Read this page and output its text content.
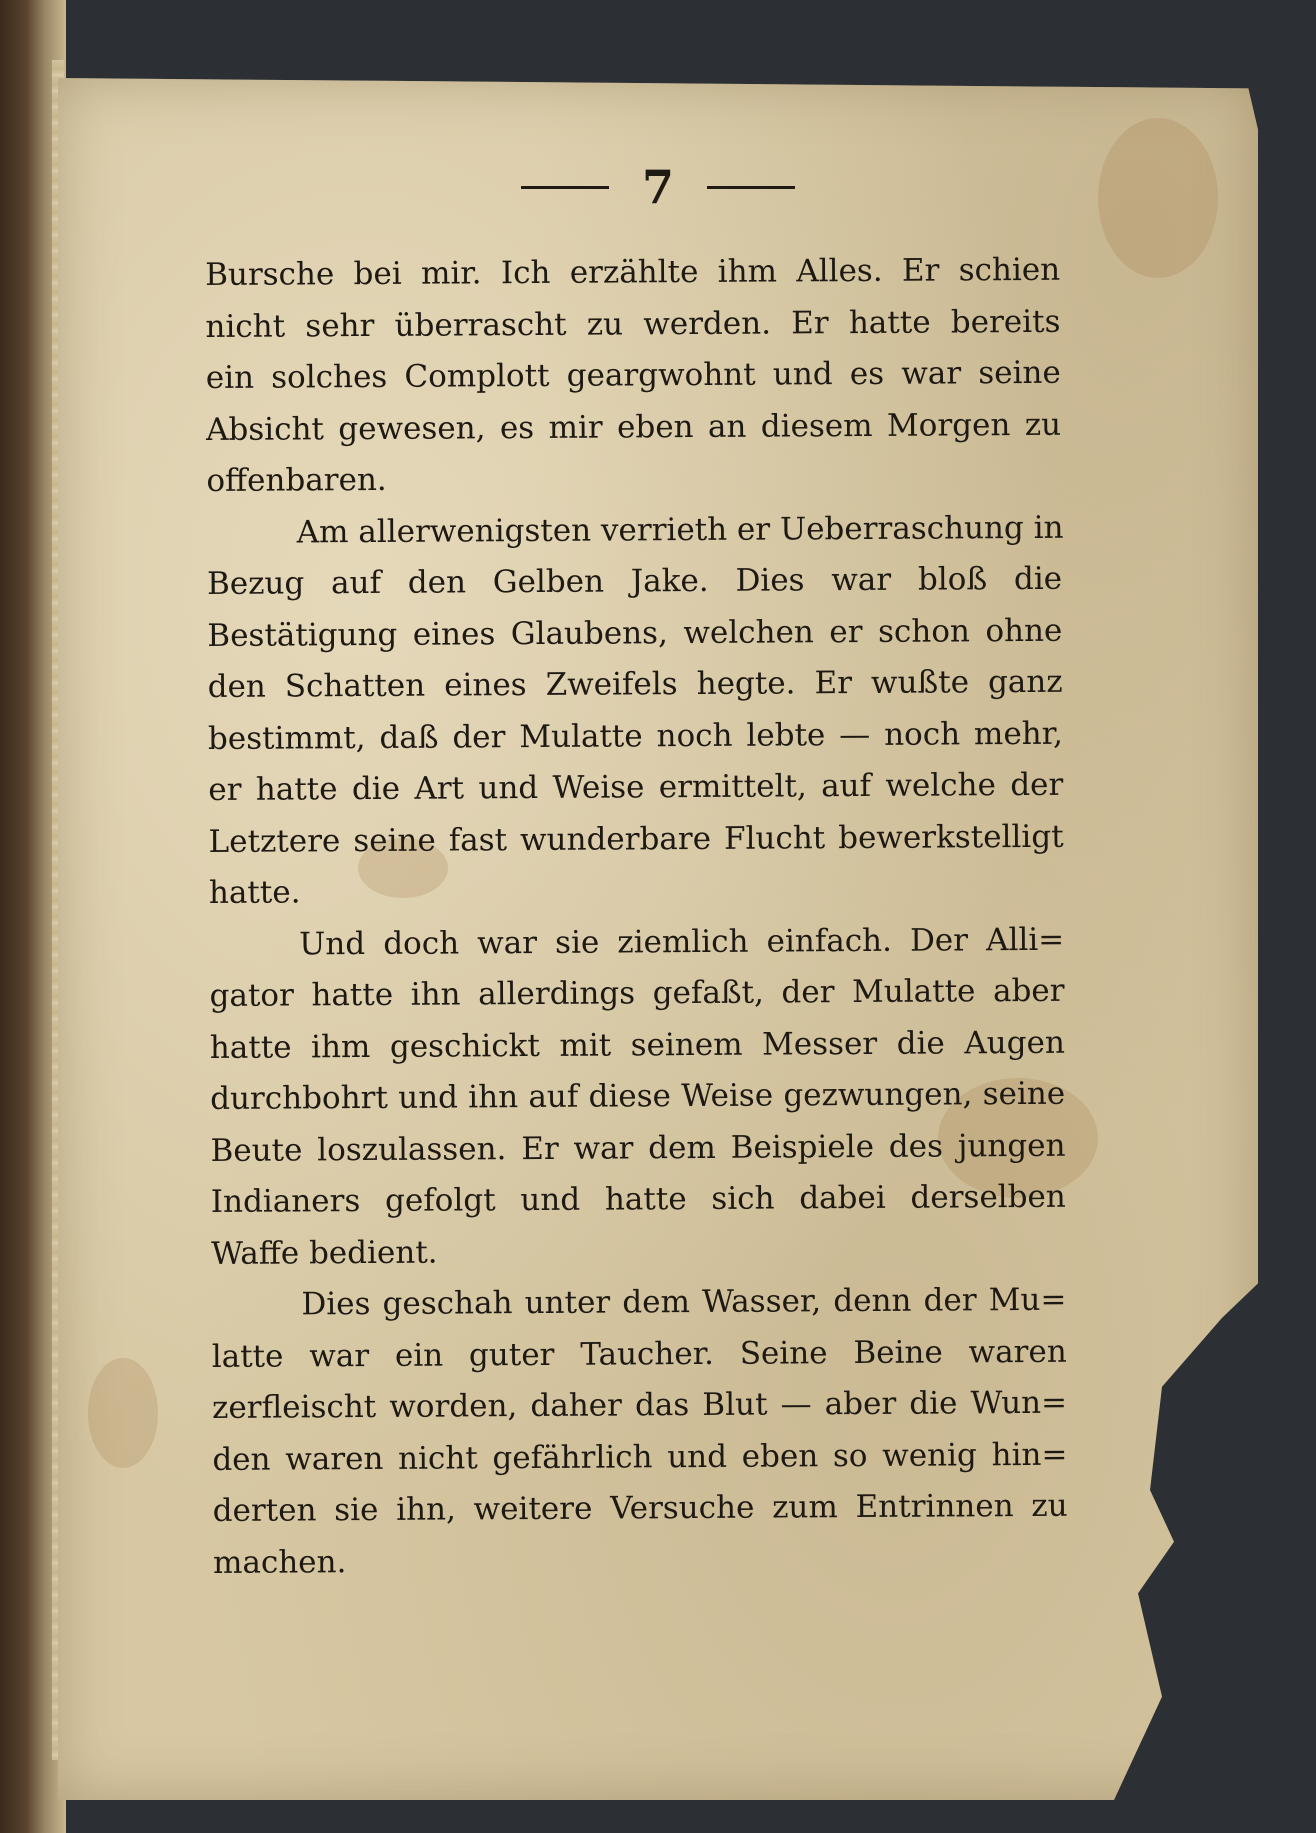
7
Bursche bei mir. Ich erzählte ihm Alles. Er schien
nicht sehr überrascht zu werden. Er hatte bereits
ein solches Complott geargwohnt und es war seine
Absicht gewesen, es mir eben an diesem Morgen zu
offenbaren.
Am allerwenigsten verrieth er Ueberraschung in
Bezug auf den Gelben Jake. Dies war bloß die
Bestätigung eines Glaubens, welchen er schon ohne
den Schatten eines Zweifels hegte. Er wußte ganz
bestimmt, daß der Mulatte noch lebte — noch mehr,
er hatte die Art und Weise ermittelt, auf welche der
Letztere seine fast wunderbare Flucht bewerkstelligt
hatte.
Und doch war sie ziemlich einfach. Der Alli=
gator hatte ihn allerdings gefaßt, der Mulatte aber
hatte ihm geschickt mit seinem Messer die Augen
durchbohrt und ihn auf diese Weise gezwungen, seine
Beute loszulassen. Er war dem Beispiele des jungen
Indianers gefolgt und hatte sich dabei derselben
Waffe bedient.
Dies geschah unter dem Wasser, denn der Mu=
latte war ein guter Taucher. Seine Beine waren
zerfleischt worden, daher das Blut — aber die Wun=
den waren nicht gefährlich und eben so wenig hin=
derten sie ihn, weitere Versuche zum Entrinnen zu
machen.
